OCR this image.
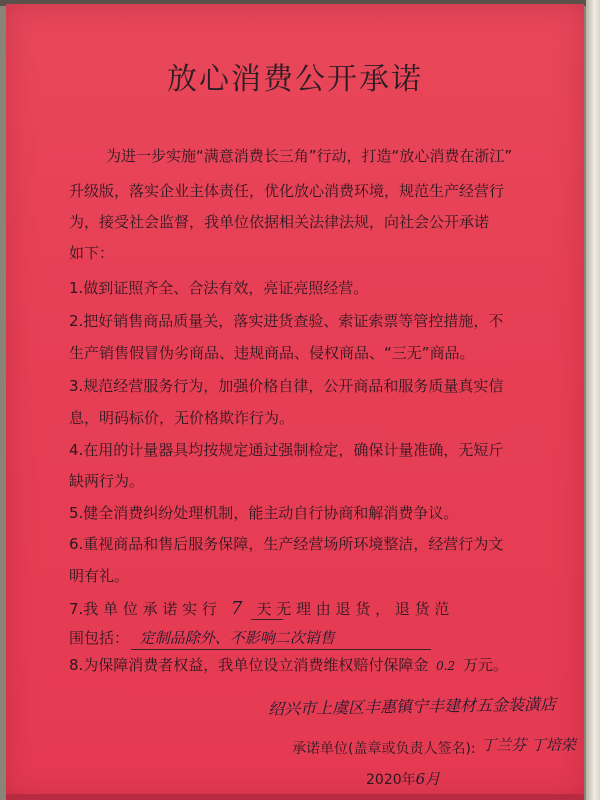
放心消费公开承诺
为进一步实施“满意消费长三角”行动，打造“放心消费在浙江”
升级版，落实企业主体责任，优化放心消费环境，规范生产经营行
为，接受社会监督，我单位依据相关法律法规，向社会公开承诺
如下：
1.做到证照齐全、合法有效，亮证亮照经营。
2.把好销售商品质量关，落实进货查验、索证索票等管控措施，不
生产销售假冒伪劣商品、违规商品、侵权商品、“三无”商品。
3.规范经营服务行为，加强价格自律，公开商品和服务质量真实信
息，明码标价，无价格欺诈行为。
4.在用的计量器具均按规定通过强制检定，确保计量准确，无短斤
缺两行为。
5.健全消费纠纷处理机制，能主动自行协商和解消费争议。
6.重视商品和售后服务保障，生产经营场所环境整洁，经营行为文
明有礼。
7.我 单 位 承 诺 实 行 7 天 无 理 由 退 货 ， 退 货 范
围包括： 定制品除外、不影响二次销售
8.为保障消费者权益，我单位设立消费维权赔付保障金 0.2 万元。
绍兴市上虞区丰惠镇宁丰建材五金装潢店
承诺单位(盖章或负责人签名): 丁兰芬 丁培荣
2020年6月
